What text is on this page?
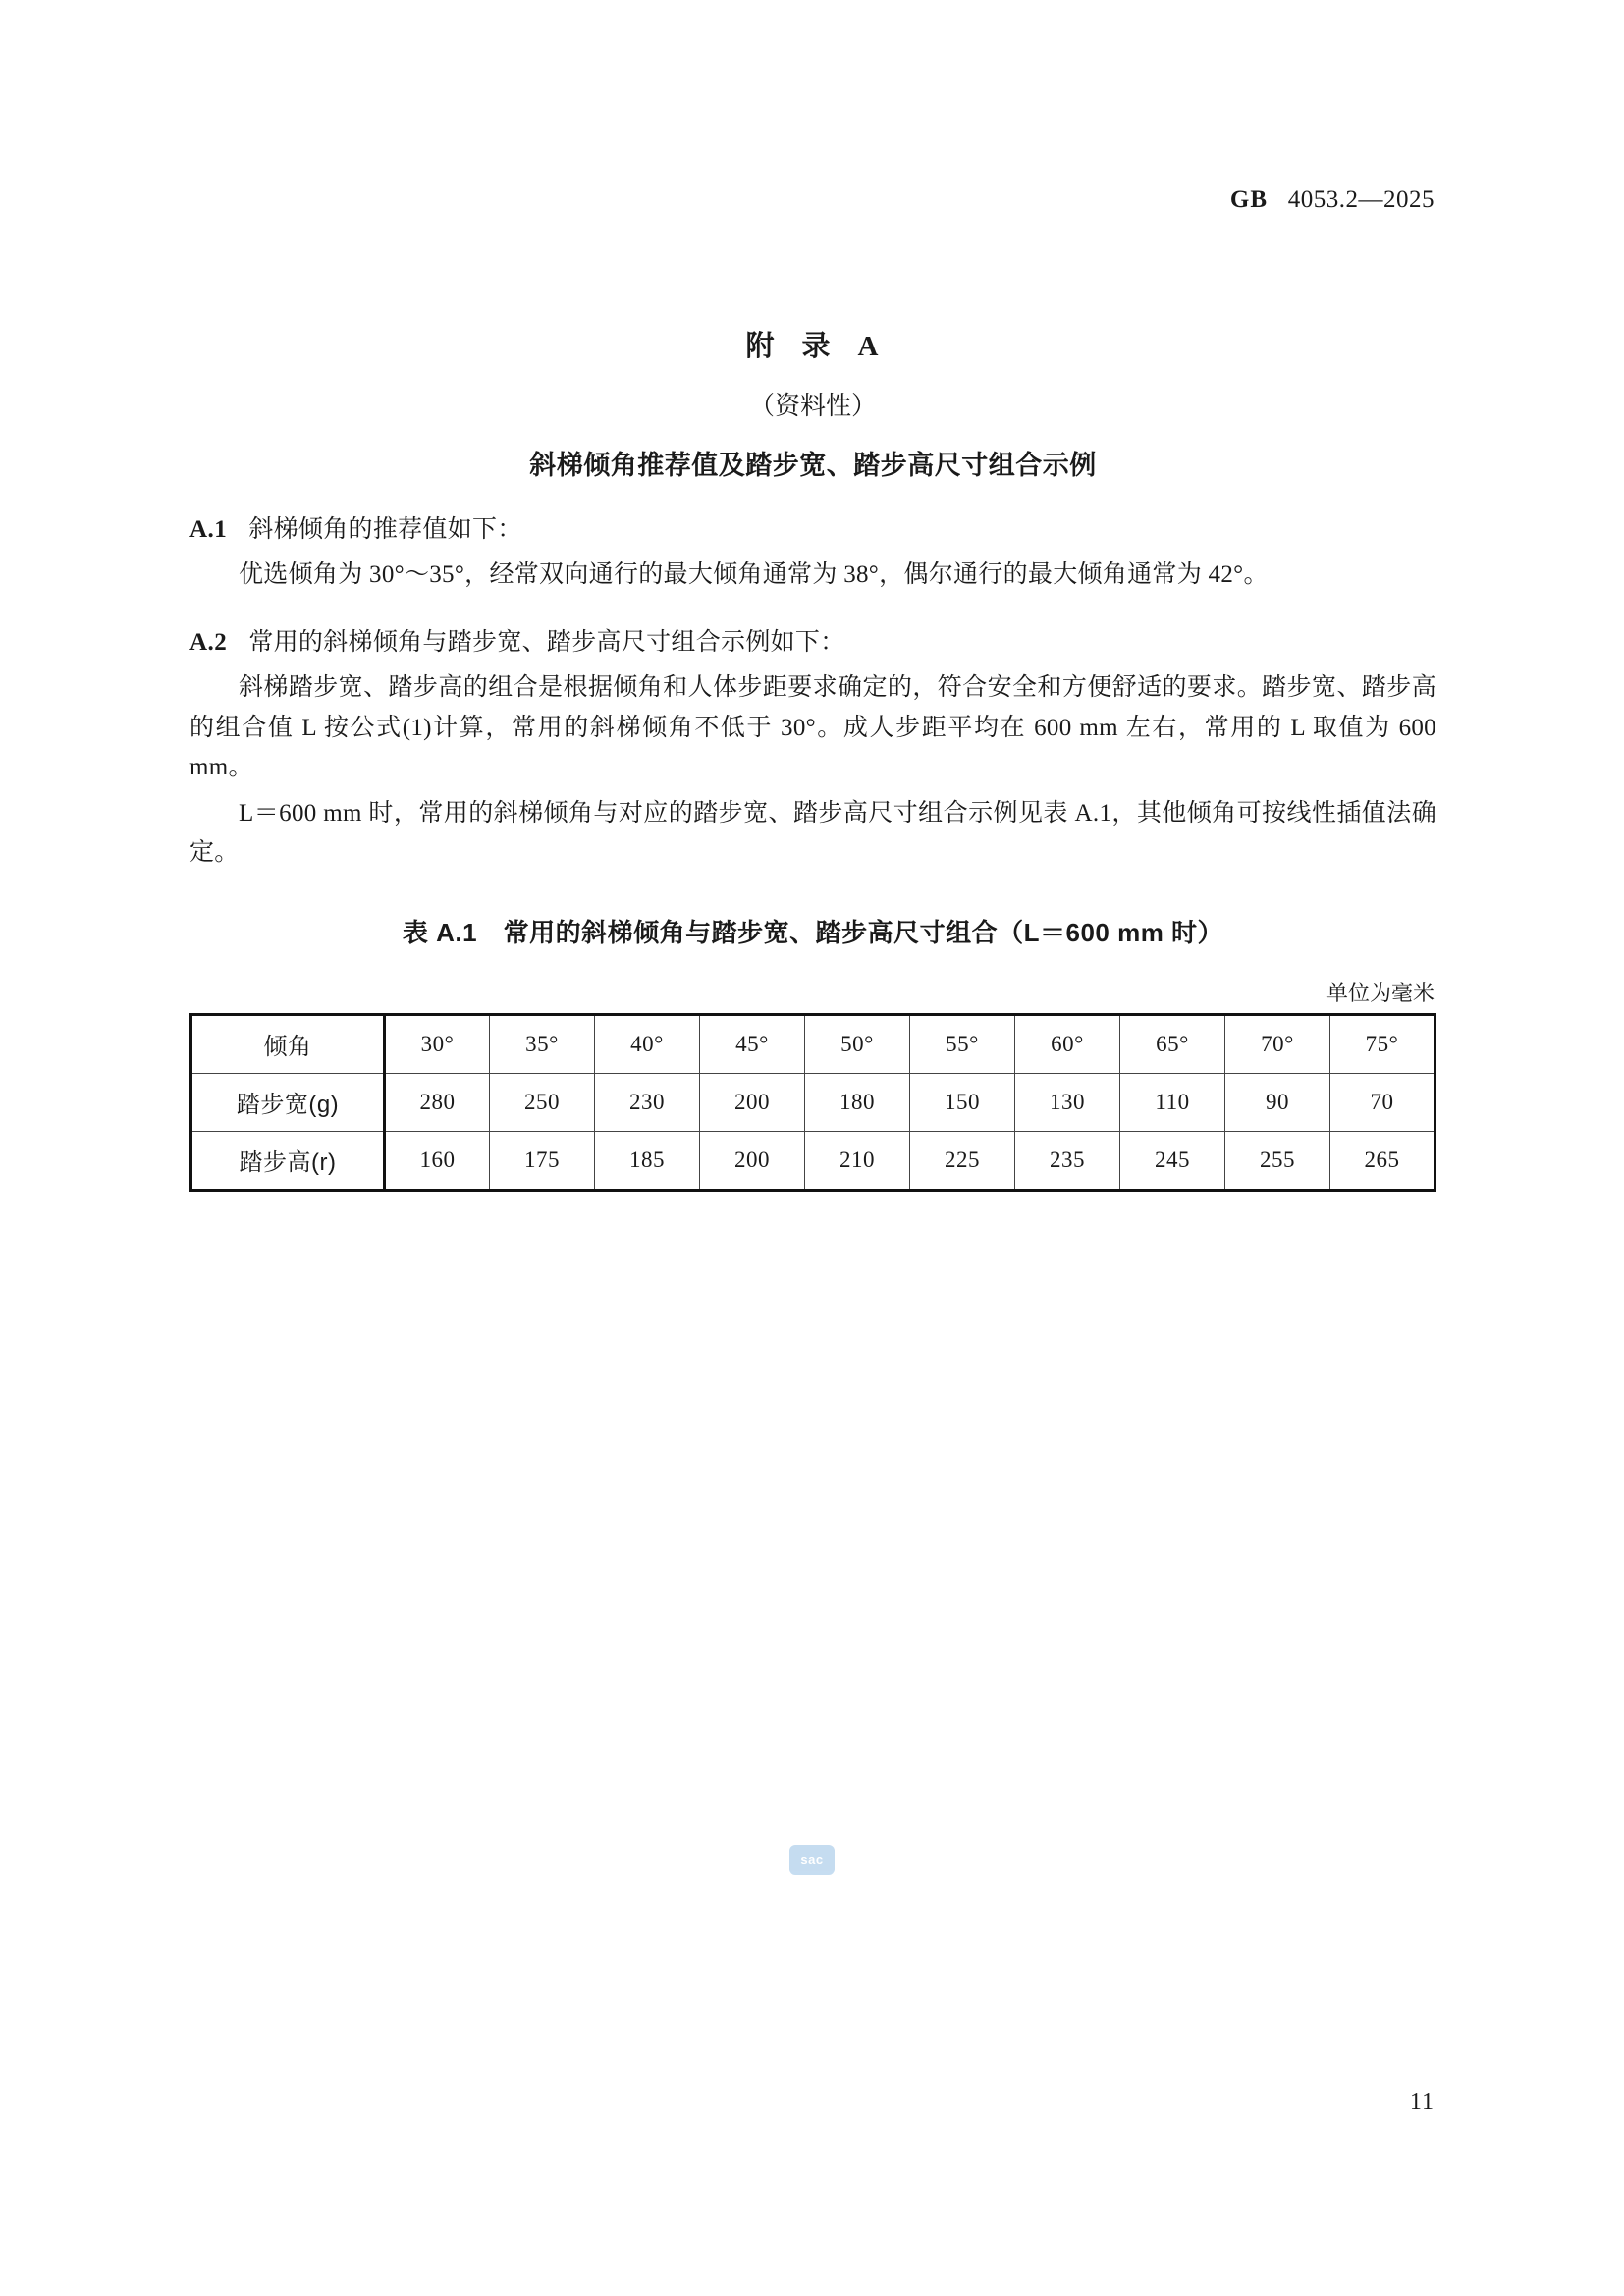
GB 4053.2—2025
附 录 A
（资料性）
斜梯倾角推荐值及踏步宽、踏步高尺寸组合示例
A.1 斜梯倾角的推荐值如下：

优选倾角为 30°～35°，经常双向通行的最大倾角通常为 38°，偶尔通行的最大倾角通常为 42°。

A.2 常用的斜梯倾角与踏步宽、踏步高尺寸组合示例如下：

斜梯踏步宽、踏步高的组合是根据倾角和人体步距要求确定的，符合安全和方便舒适的要求。踏步宽、踏步高的组合值 L 按公式(1)计算，常用的斜梯倾角不低于 30°。成人步距平均在 600 mm 左右，常用的 L 取值为 600 mm。

L＝600 mm 时，常用的斜梯倾角与对应的踏步宽、踏步高尺寸组合示例见表 A.1，其他倾角可按线性插值法确定。

表 A.1　常用的斜梯倾角与踏步宽、踏步高尺寸组合（L＝600 mm 时）
单位为毫米
倾角	30°	35°	40°	45°	50°	55°	60°	65°	70°	75°
踏步宽(g)	280	250	230	200	180	150	130	110	90	70
踏步高(r)	160	175	185	200	210	225	235	245	255	265
sac
11
